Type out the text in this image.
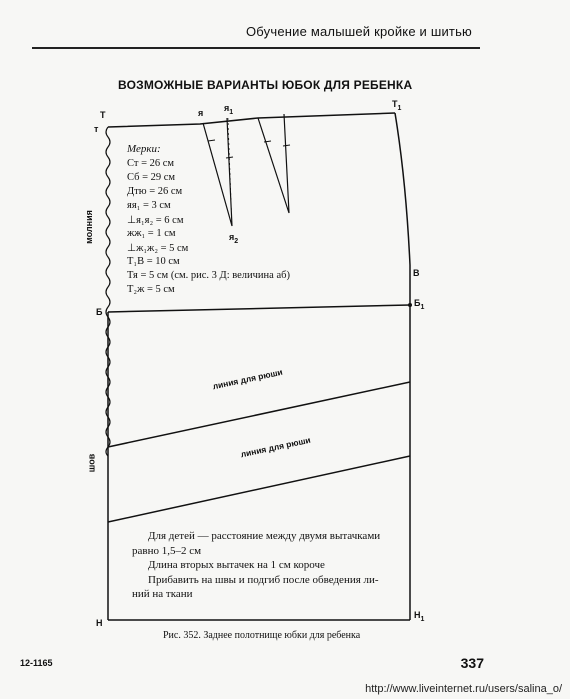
Обучение малышей кройке и шитью
ВОЗМОЖНЫЕ ВАРИАНТЫ ЮБОК ДЛЯ РЕБЕНКА
Т
т
я $я_1$
$я_2$
$Т_1$
В
Б
$Б_1$
Н
$Н_1$
молния
шов
Мерки:
Ст = 26 см
Сб = 29 см
Дтю = 26 см
яя₁ = 3 см
⊥я₁я₂ = 6 см
жж₁ = 1 см
⊥ж₁ж₂ = 5 см
Т₁В = 10 см
Тя = 5 см (см. рис. 3 Д: величина аб)
Т₂ж = 5 см
линия для рюши
линия для рюши
Для детей — расстояние между двумя вытачками
равно 1,5–2 см
Длина вторых вытачек на 1 см короче
Прибавить на швы и подгиб после обведения ли-
ний на ткани
Рис. 352. Заднее полотнище юбки для ребенка
12-1165	337
http://www.liveinternet.ru/users/salina_o/
